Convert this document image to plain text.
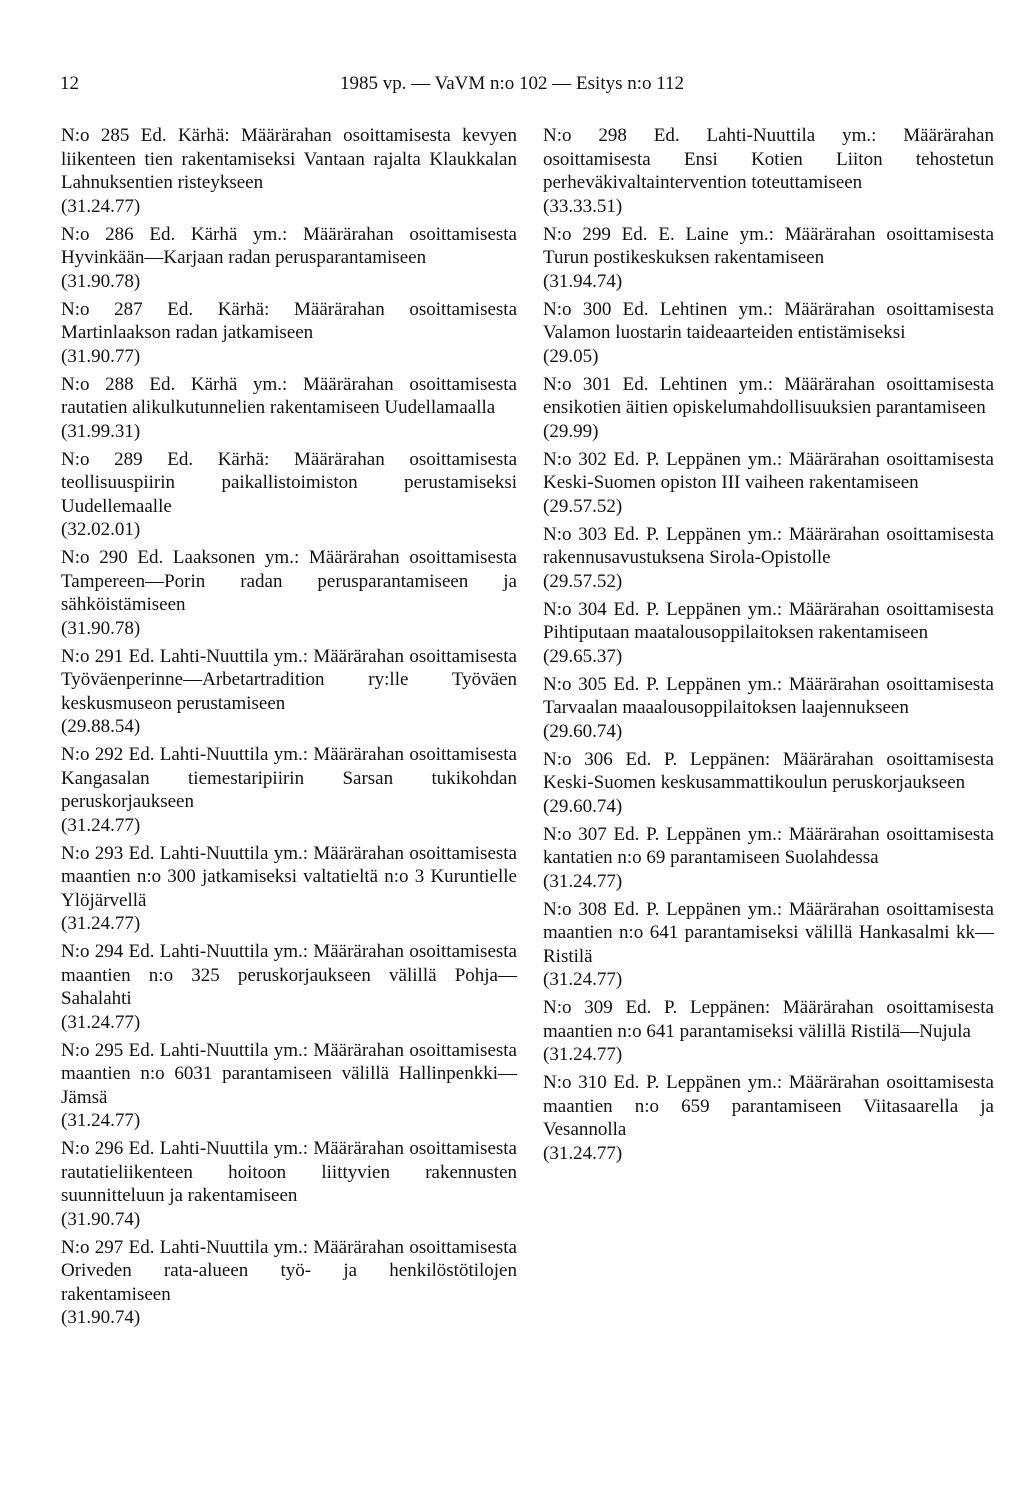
12	1985 vp. — VaVM n:o 102 — Esitys n:o 112
N:o 285 Ed. Kärhä: Määrärahan osoittamisesta kevyen liikenteen tien rakentamiseksi Vantaan rajalta Klaukkalan Lahnuksentien risteykseen
(31.24.77)
N:o 286 Ed. Kärhä ym.: Määrärahan osoittamisesta Hyvinkään—Karjaan radan perusparantamiseen
(31.90.78)
N:o 287 Ed. Kärhä: Määrärahan osoittamisesta Martinlaakson radan jatkamiseen
(31.90.77)
N:o 288 Ed. Kärhä ym.: Määrärahan osoittamisesta rautatien alikulkutunnelien rakentamiseen Uudellamaalla
(31.99.31)
N:o 289 Ed. Kärhä: Määrärahan osoittamisesta teollisuuspiirin paikallistoimiston perustamiseksi Uudellemaalle
(32.02.01)
N:o 290 Ed. Laaksonen ym.: Määrärahan osoittamisesta Tampereen—Porin radan perusparantamiseen ja sähköistämiseen
(31.90.78)
N:o 291 Ed. Lahti-Nuuttila ym.: Määrärahan osoittamisesta Työväenperinne—Arbetartradition ry:lle Työväen keskusmuseon perustamiseen
(29.88.54)
N:o 292 Ed. Lahti-Nuuttila ym.: Määrärahan osoittamisesta Kangasalan tiemestaripiirin Sarsan tukikohdan peruskorjaukseen
(31.24.77)
N:o 293 Ed. Lahti-Nuuttila ym.: Määrärahan osoittamisesta maantien n:o 300 jatkamiseksi valtatieltä n:o 3 Kuruntielle Ylöjärvellä
(31.24.77)
N:o 294 Ed. Lahti-Nuuttila ym.: Määrärahan osoittamisesta maantien n:o 325 peruskorjaukseen välillä Pohja—Sahalahti
(31.24.77)
N:o 295 Ed. Lahti-Nuuttila ym.: Määrärahan osoittamisesta maantien n:o 6031 parantamiseen välillä Hallinpenkki—Jämsä
(31.24.77)
N:o 296 Ed. Lahti-Nuuttila ym.: Määrärahan osoittamisesta rautatieliikenteen hoitoon liittyvien rakennusten suunnitteluun ja rakentamiseen
(31.90.74)
N:o 297 Ed. Lahti-Nuuttila ym.: Määrärahan osoittamisesta Oriveden rata-alueen työ- ja henkilöstötilojen rakentamiseen
(31.90.74)
N:o 298 Ed. Lahti-Nuuttila ym.: Määrärahan osoittamisesta Ensi Kotien Liiton tehostetun perheväkivaltaintervention toteuttamiseen
(33.33.51)
N:o 299 Ed. E. Laine ym.: Määrärahan osoittamisesta Turun postikeskuksen rakentamiseen
(31.94.74)
N:o 300 Ed. Lehtinen ym.: Määrärahan osoittamisesta Valamon luostarin taideaarteiden entistämiseksi
(29.05)
N:o 301 Ed. Lehtinen ym.: Määrärahan osoittamisesta ensikotien äitien opiskelumahdollisuuksien parantamiseen
(29.99)
N:o 302 Ed. P. Leppänen ym.: Määrärahan osoittamisesta Keski-Suomen opiston III vaiheen rakentamiseen
(29.57.52)
N:o 303 Ed. P. Leppänen ym.: Määrärahan osoittamisesta rakennusavustuksena Sirola-Opistolle
(29.57.52)
N:o 304 Ed. P. Leppänen ym.: Määrärahan osoittamisesta Pihtiputaan maatalousoppilaitoksen rakentamiseen
(29.65.37)
N:o 305 Ed. P. Leppänen ym.: Määrärahan osoittamisesta Tarvaalan maaalousoppilaitoksen laajennukseen
(29.60.74)
N:o 306 Ed. P. Leppänen: Määrärahan osoittamisesta Keski-Suomen keskusammattikoulun peruskorjaukseen
(29.60.74)
N:o 307 Ed. P. Leppänen ym.: Määrärahan osoittamisesta kantatien n:o 69 parantamiseen Suolahdessa
(31.24.77)
N:o 308 Ed. P. Leppänen ym.: Määrärahan osoittamisesta maantien n:o 641 parantamiseksi välillä Hankasalmi kk—Ristilä
(31.24.77)
N:o 309 Ed. P. Leppänen: Määrärahan osoittamisesta maantien n:o 641 parantamiseksi välillä Ristilä—Nujula
(31.24.77)
N:o 310 Ed. P. Leppänen ym.: Määrärahan osoittamisesta maantien n:o 659 parantamiseen Viitasaarella ja Vesannolla
(31.24.77)
